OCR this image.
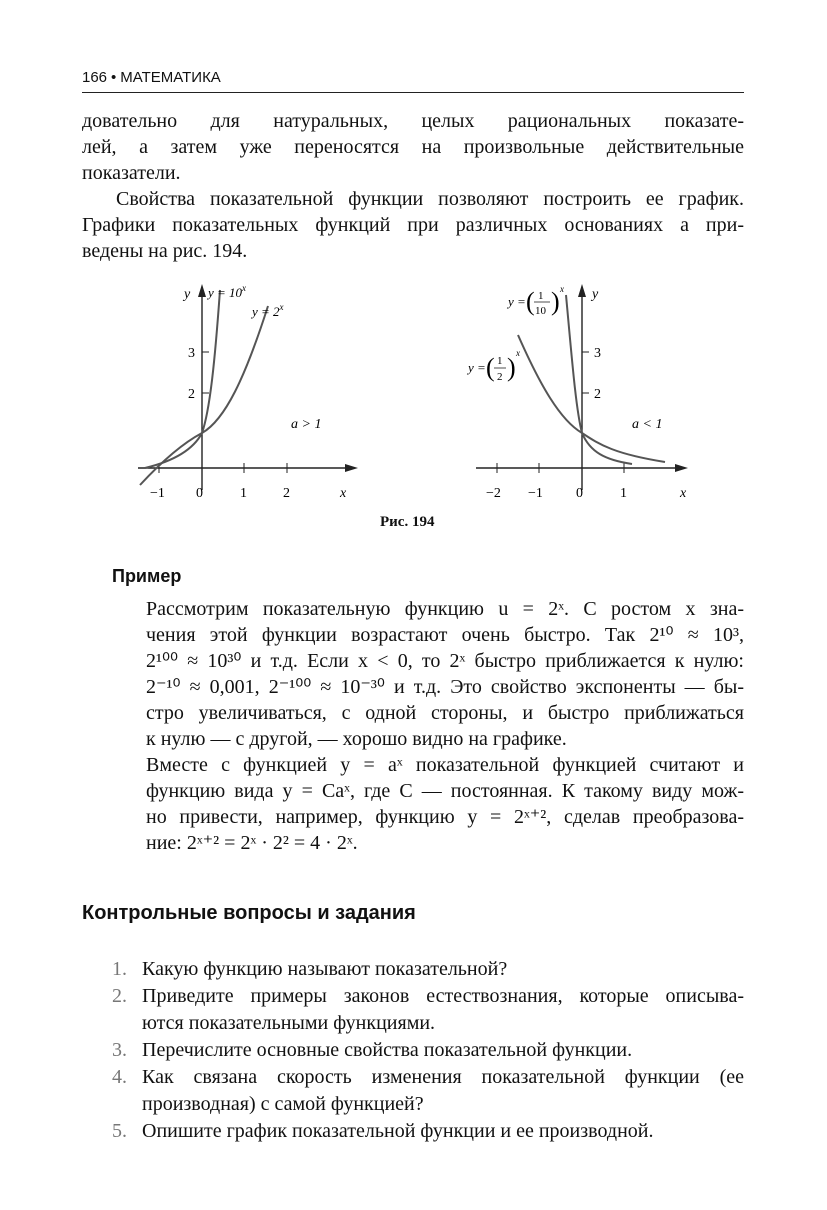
166 • МАТЕМАТИКА
довательно для натуральных, целых рациональных показате-
лей, а затем уже переносятся на произвольные действительные
показатели.
Свойства показательной функции позволяют построить ее график.
Графики показательных функций при различных основаниях a при-
ведены на рис. 194.
−1 0	1	2	x
2
3
y $y = 10^x$
$y = 2^x$
a > 1
−2 −1 0	1	x
2
3
y
y = ( 1
10 ) x
y = ( 1
2 ) x
a < 1
Рис. 194
Пример
Рассмотрим показательную функцию u = 2ˣ. С ростом x зна-
чения этой функции возрастают очень быстро. Так 2¹⁰ ≈ 10³,
2¹⁰⁰ ≈ 10³⁰ и т.д. Если x < 0, то 2ˣ быстро приближается к нулю:
2⁻¹⁰ ≈ 0,001, 2⁻¹⁰⁰ ≈ 10⁻³⁰ и т.д. Это свойство экспоненты — бы-
стро увеличиваться, с одной стороны, и быстро приближаться
к нулю — с другой, — хорошо видно на графике.
Вместе с функцией y = aˣ показательной функцией считают и
функцию вида y = Caˣ, где C — постоянная. К такому виду мож-
но привести, например, функцию y = 2ˣ⁺², сделав преобразова-
ние: 2ˣ⁺² = 2ˣ · 2² = 4 · 2ˣ.
Контрольные вопросы и задания
1. Какую функцию называют показательной?
2. Приведите примеры законов естествознания, которые описыва-
ются показательными функциями.
3. Перечислите основные свойства показательной функции.
4. Как связана скорость изменения показательной функции (ее
производная) с самой функцией?
5. Опишите график показательной функции и ее производной.
